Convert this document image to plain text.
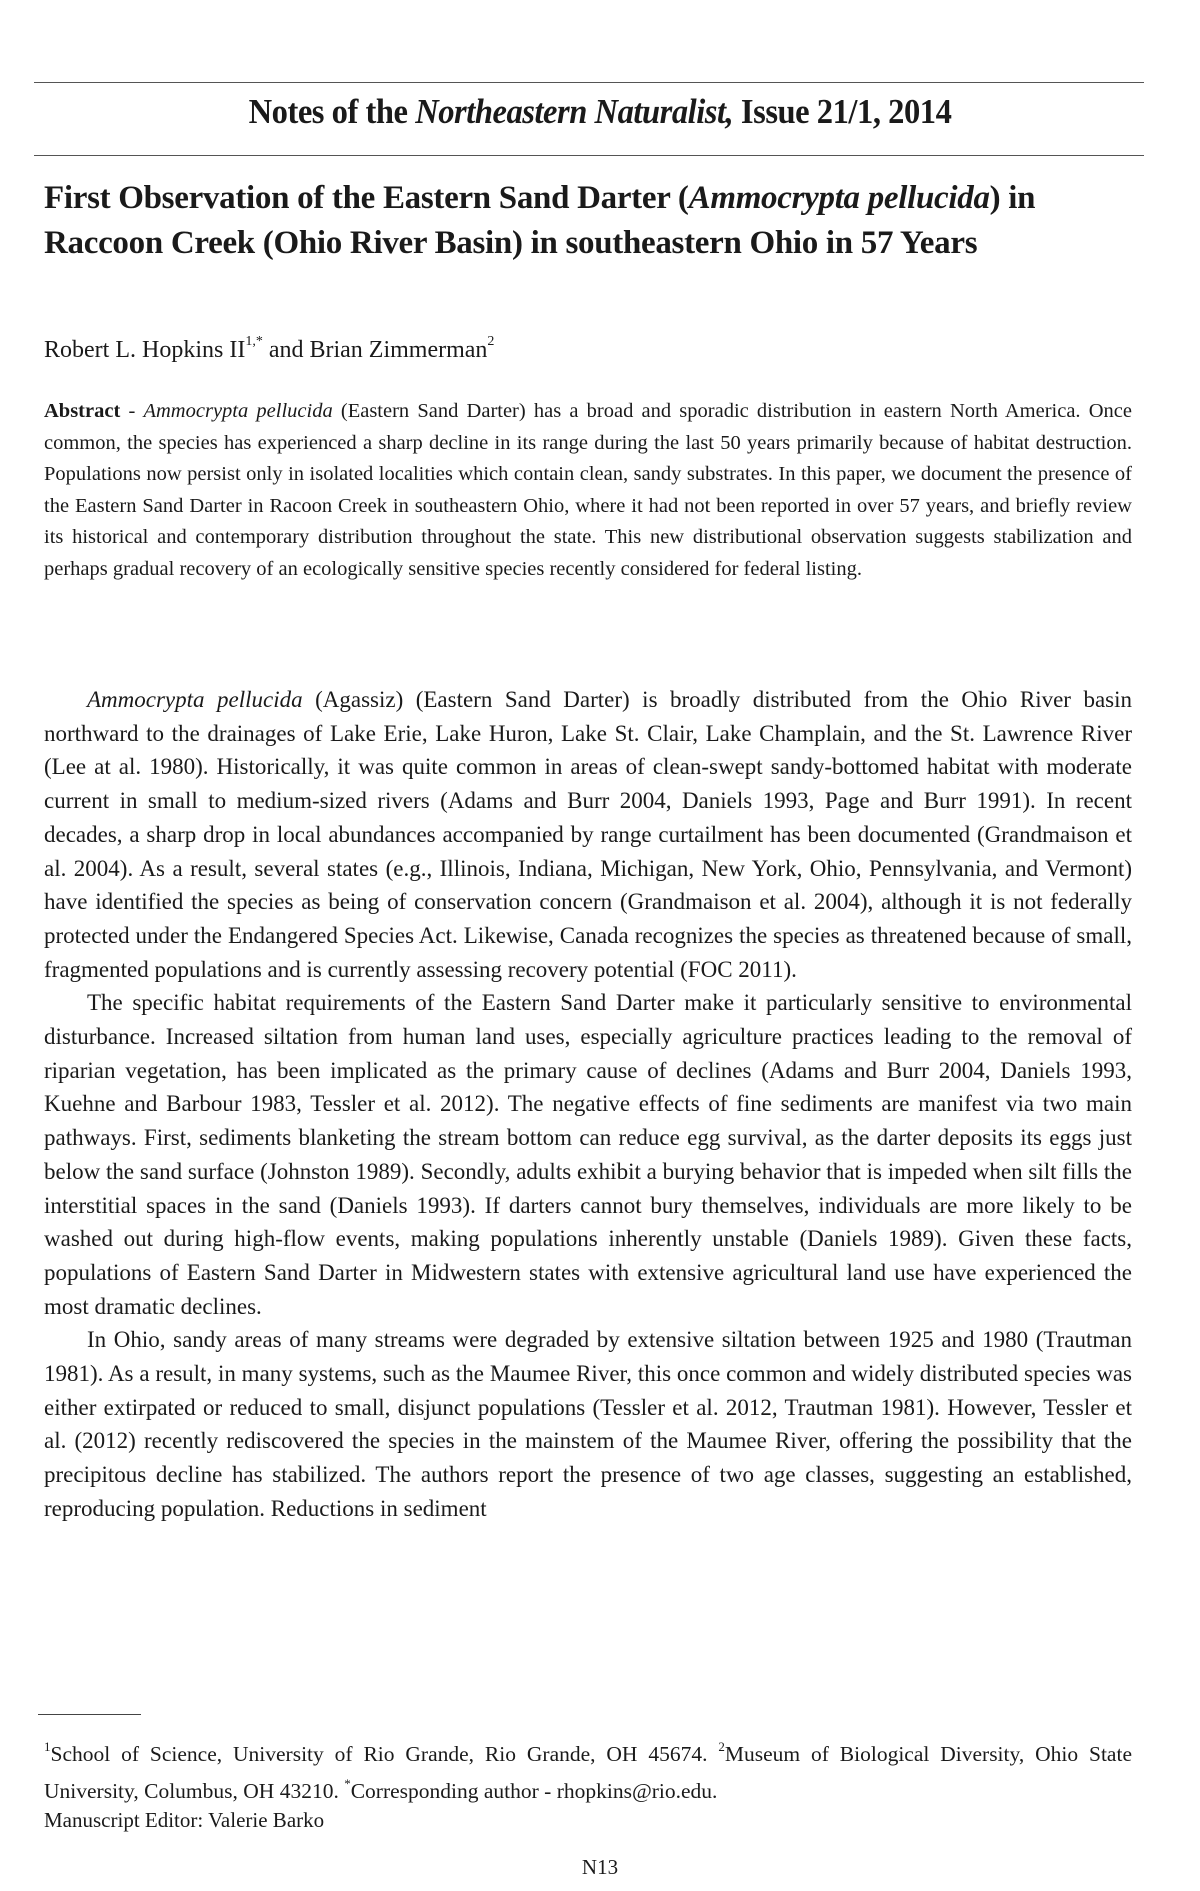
Notes of the Northeastern Naturalist, Issue 21/1, 2014
First Observation of the Eastern Sand Darter (Ammocrypta pellucida) in Raccoon Creek (Ohio River Basin) in southeastern Ohio in 57 Years
Robert L. Hopkins $II^{1,*}$ and Brian Zimmerman$^2$
Abstract - Ammocrypta pellucida (Eastern Sand Darter) has a broad and sporadic distribution in eastern North America. Once common, the species has experienced a sharp decline in its range during the last 50 years primarily because of habitat destruction. Populations now persist only in isolated localities which contain clean, sandy substrates. In this paper, we document the presence of the Eastern Sand Darter in Racoon Creek in southeastern Ohio, where it had not been reported in over 57 years, and briefly review its historical and contemporary distribution throughout the state. This new distributional observation suggests stabilization and perhaps gradual recovery of an ecologically sensitive species recently considered for federal listing.

Ammocrypta pellucida (Agassiz) (Eastern Sand Darter) is broadly distributed from the Ohio River basin northward to the drainages of Lake Erie, Lake Huron, Lake St. Clair, Lake Champlain, and the St. Lawrence River (Lee at al. 1980). Historically, it was quite common in areas of clean-swept sandy-bottomed habitat with moderate current in small to medium-sized rivers (Adams and Burr 2004, Daniels 1993, Page and Burr 1991). In recent decades, a sharp drop in local abundances accompanied by range curtailment has been documented (Grandmaison et al. 2004). As a result, several states (e.g., Illinois, Indiana, Michigan, New York, Ohio, Pennsylvania, and Vermont) have identified the species as being of conservation concern (Grandmaison et al. 2004), although it is not federally protected under the Endangered Species Act. Likewise, Canada recognizes the species as threatened because of small, fragmented populations and is currently assessing recovery potential (FOC 2011).

The specific habitat requirements of the Eastern Sand Darter make it particularly sensitive to environmental disturbance. Increased siltation from human land uses, especially agriculture practices leading to the removal of riparian vegetation, has been implicated as the primary cause of declines (Adams and Burr 2004, Daniels 1993, Kuehne and Barbour 1983, Tessler et al. 2012). The negative effects of fine sediments are manifest via two main pathways. First, sediments blanketing the stream bottom can reduce egg survival, as the darter deposits its eggs just below the sand surface (Johnston 1989). Secondly, adults exhibit a burying behavior that is impeded when silt fills the interstitial spaces in the sand (Daniels 1993). If darters cannot bury themselves, individuals are more likely to be washed out during high-flow events, making populations inherently unstable (Daniels 1989). Given these facts, populations of Eastern Sand Darter in Midwestern states with extensive agricultural land use have experienced the most dramatic declines.

In Ohio, sandy areas of many streams were degraded by extensive siltation between 1925 and 1980 (Trautman 1981). As a result, in many systems, such as the Maumee River, this once common and widely distributed species was either extirpated or reduced to small, disjunct populations (Tessler et al. 2012, Trautman 1981). However, Tessler et al. (2012) recently rediscovered the species in the mainstem of the Maumee River, offering the possibility that the precipitous decline has stabilized. The authors report the presence of two age classes, suggesting an established, reproducing population. Reductions in sediment

$^1$School of Science, University of Rio Grande, Rio Grande, OH 45674. $^2$Museum of Biological Diversity, Ohio State University, Columbus, OH 43210. *Corresponding author - rhopkins@rio.edu.
Manuscript Editor: Valerie Barko
N13
